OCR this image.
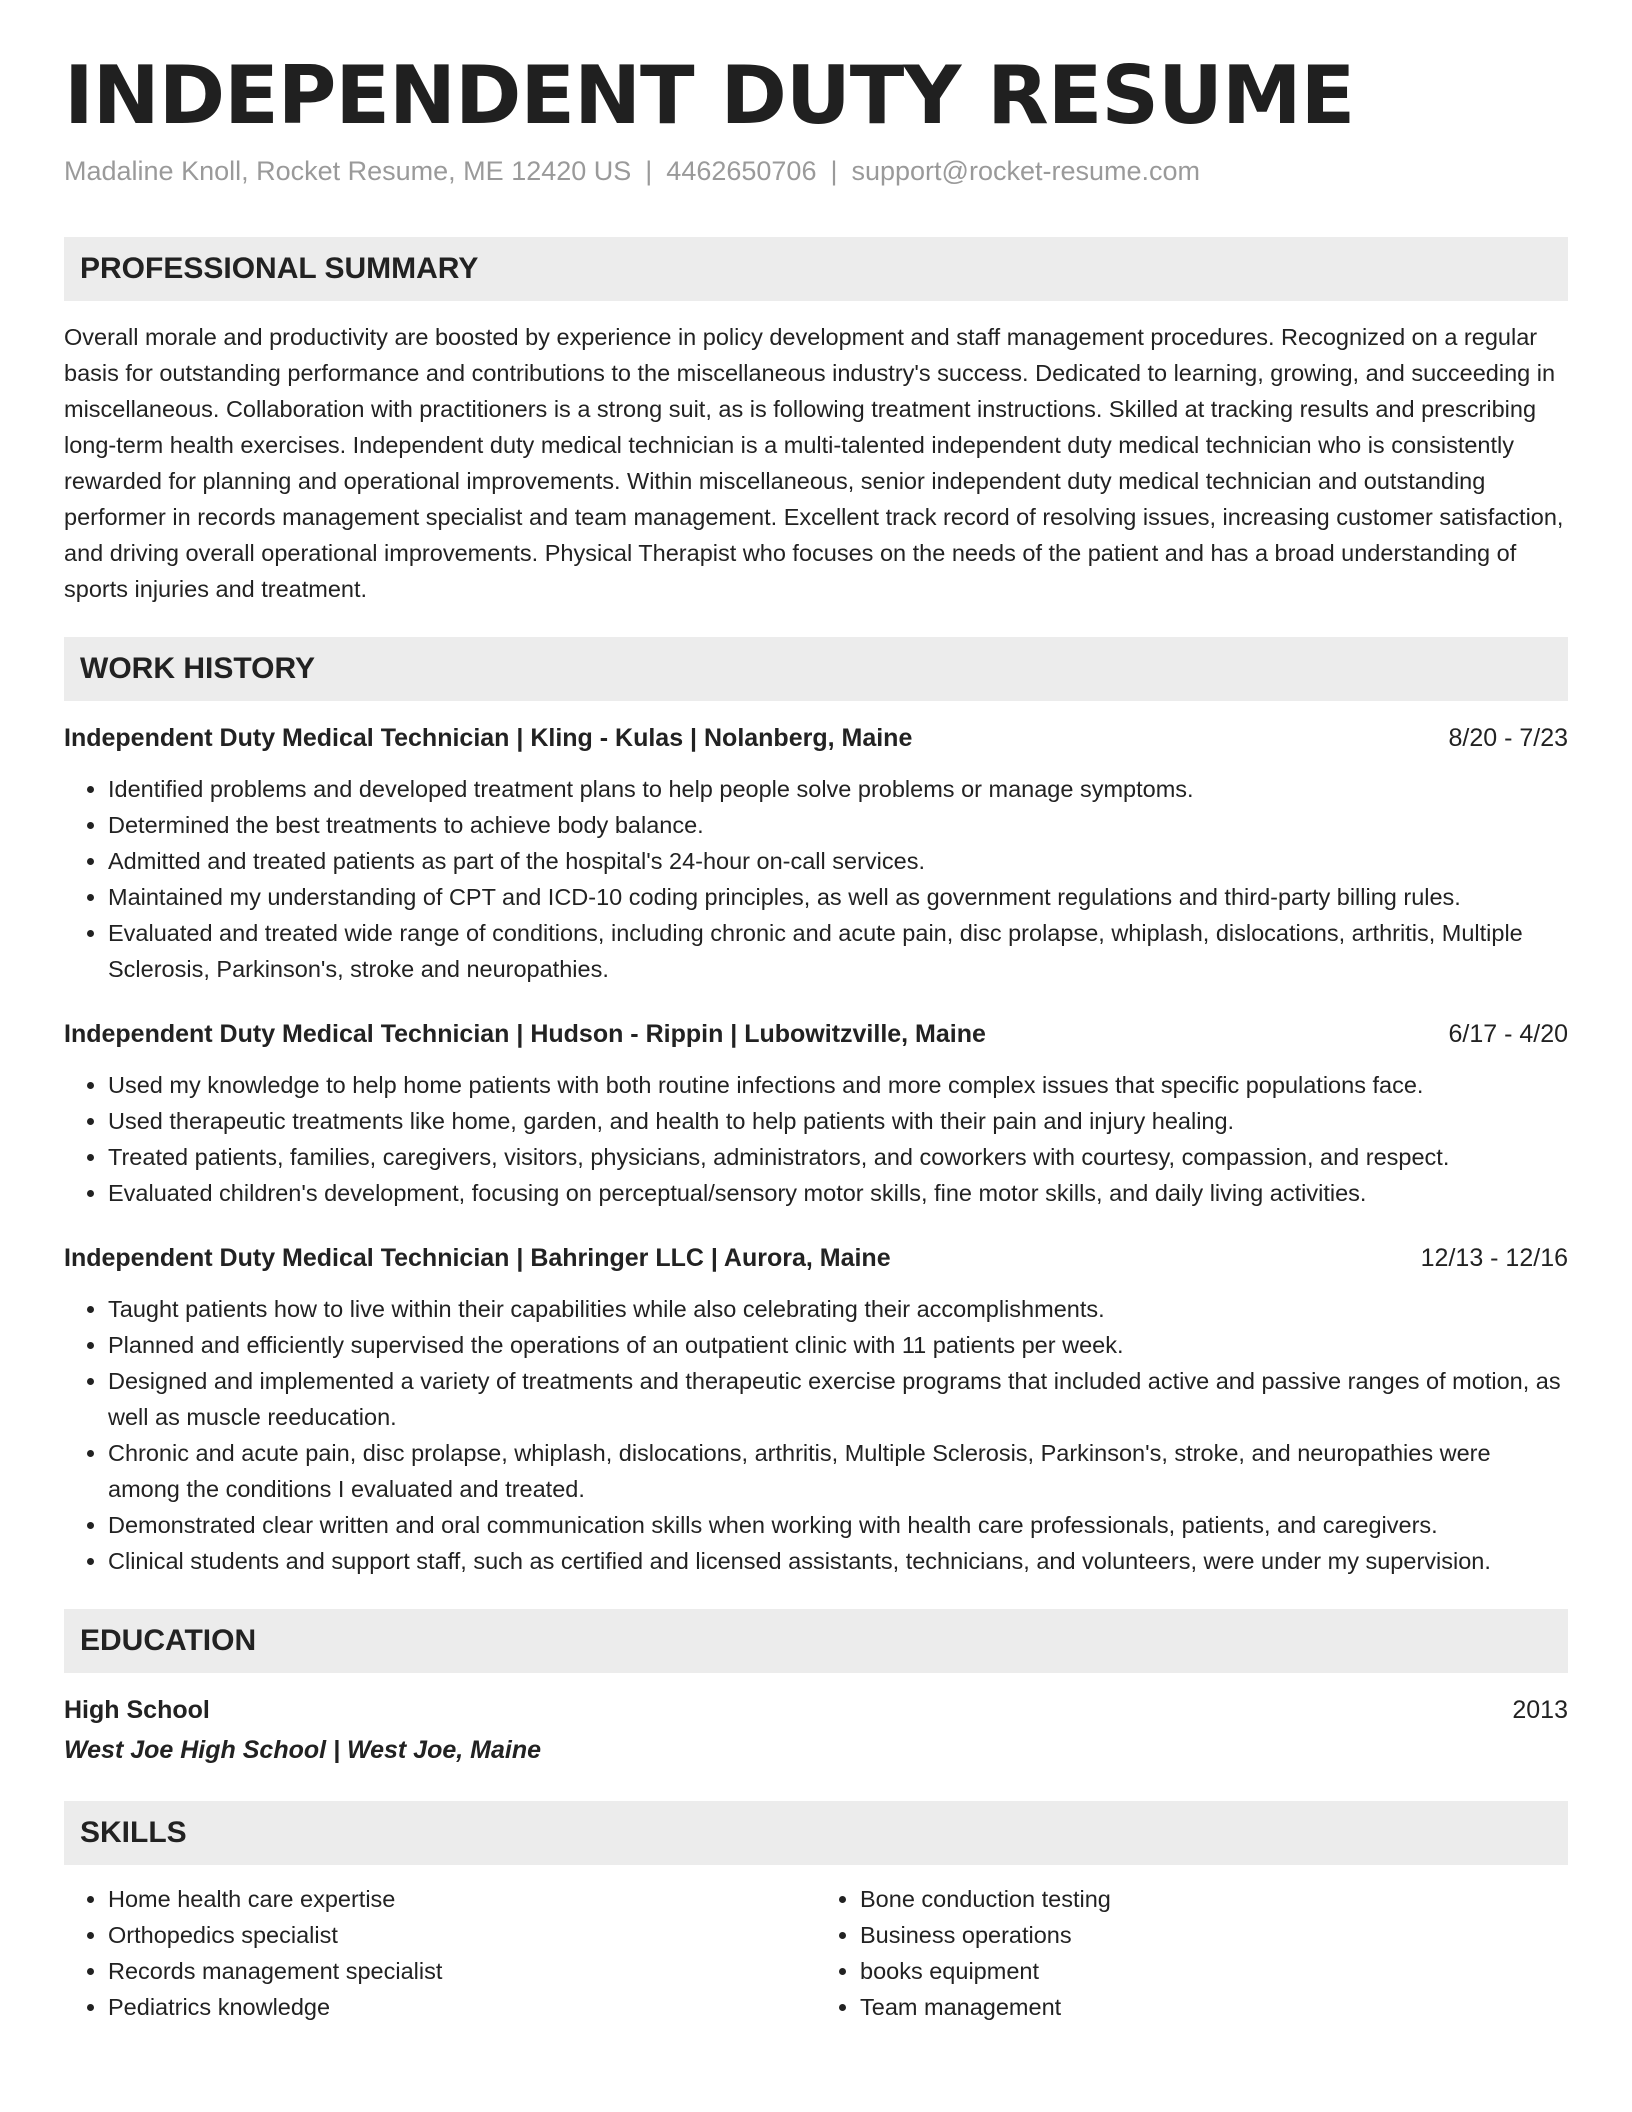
INDEPENDENT DUTY RESUME
Madaline Knoll, Rocket Resume, ME 12420 US | 4462650706 | support@rocket-resume.com
PROFESSIONAL SUMMARY

Overall morale and productivity are boosted by experience in policy development and staff management procedures. Recognized on a regular basis for outstanding performance and contributions to the miscellaneous industry's success. Dedicated to learning, growing, and succeeding in miscellaneous. Collaboration with practitioners is a strong suit, as is following treatment instructions. Skilled at tracking results and prescribing long-term health exercises. Independent duty medical technician is a multi-talented independent duty medical technician who is consistently rewarded for planning and operational improvements. Within miscellaneous, senior independent duty medical technician and outstanding performer in records management specialist and team management. Excellent track record of resolving issues, increasing customer satisfaction, and driving overall operational improvements. Physical Therapist who focuses on the needs of the patient and has a broad understanding of sports injuries and treatment.

WORK HISTORY
Independent Duty Medical Technician | Kling - Kulas | Nolanberg, Maine	8/20 - 7/23
• Identified problems and developed treatment plans to help people solve problems or manage symptoms.
• Determined the best treatments to achieve body balance.
• Admitted and treated patients as part of the hospital's 24-hour on-call services.
• Maintained my understanding of CPT and ICD-10 coding principles, as well as government regulations and third-party billing rules.
• Evaluated and treated wide range of conditions, including chronic and acute pain, disc prolapse, whiplash, dislocations, arthritis, Multiple Sclerosis, Parkinson's, stroke and neuropathies.
Independent Duty Medical Technician | Hudson - Rippin | Lubowitzville, Maine	6/17 - 4/20
• Used my knowledge to help home patients with both routine infections and more complex issues that specific populations face.
• Used therapeutic treatments like home, garden, and health to help patients with their pain and injury healing.
• Treated patients, families, caregivers, visitors, physicians, administrators, and coworkers with courtesy, compassion, and respect.
• Evaluated children's development, focusing on perceptual/sensory motor skills, fine motor skills, and daily living activities.
Independent Duty Medical Technician | Bahringer LLC | Aurora, Maine	12/13 - 12/16
• Taught patients how to live within their capabilities while also celebrating their accomplishments.
• Planned and efficiently supervised the operations of an outpatient clinic with 11 patients per week.
• Designed and implemented a variety of treatments and therapeutic exercise programs that included active and passive ranges of motion, as well as muscle reeducation.
• Chronic and acute pain, disc prolapse, whiplash, dislocations, arthritis, Multiple Sclerosis, Parkinson's, stroke, and neuropathies were among the conditions I evaluated and treated.
• Demonstrated clear written and oral communication skills when working with health care professionals, patients, and caregivers.
• Clinical students and support staff, such as certified and licensed assistants, technicians, and volunteers, were under my supervision.
EDUCATION
High School	2013
West Joe High School | West Joe, Maine
SKILLS
• Home health care expertise
• Orthopedics specialist
• Records management specialist
• Pediatrics knowledge
• Bone conduction testing
• Business operations
• books equipment
• Team management
